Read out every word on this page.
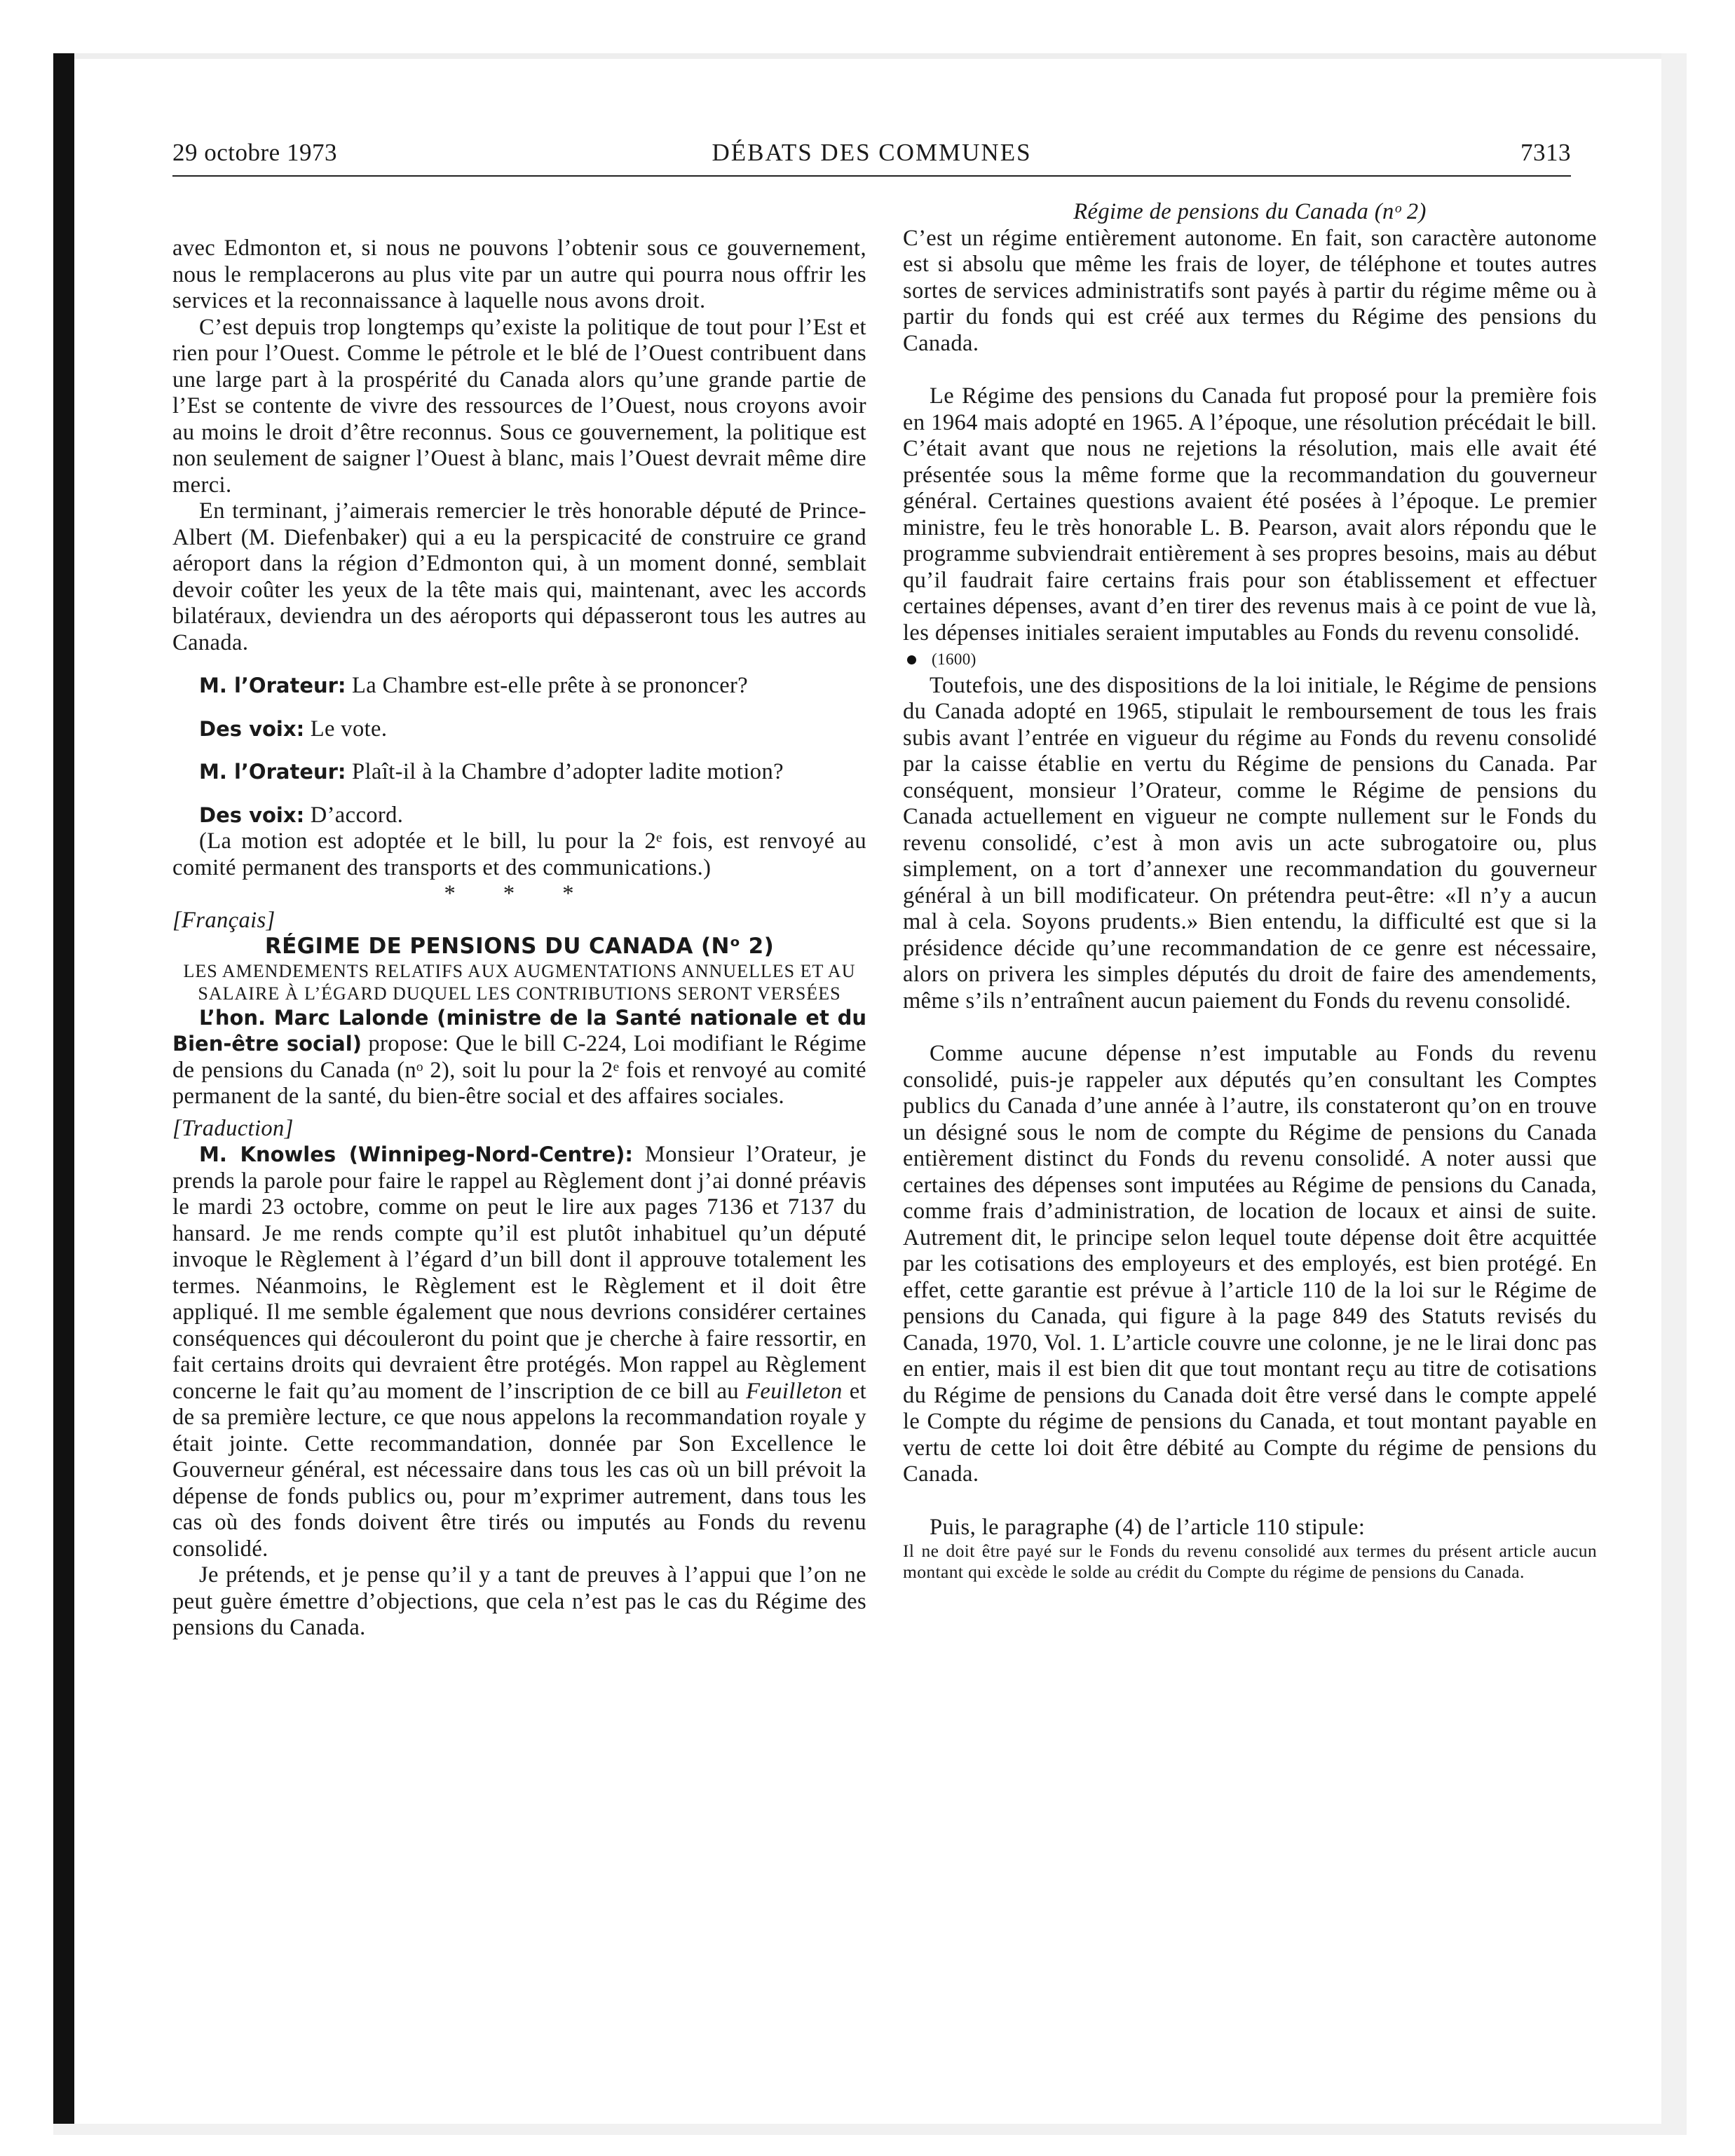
29 octobre 1973	DÉBATS DES COMMUNES	7313

avec Edmonton et, si nous ne pouvons l’obtenir sous ce gouvernement, nous le remplacerons au plus vite par un autre qui pourra nous offrir les services et la reconnaissance à laquelle nous avons droit.

C’est depuis trop longtemps qu’existe la politique de tout pour l’Est et rien pour l’Ouest. Comme le pétrole et le blé de l’Ouest contribuent dans une large part à la prospérité du Canada alors qu’une grande partie de l’Est se contente de vivre des ressources de l’Ouest, nous croyons avoir au moins le droit d’être reconnus. Sous ce gouvernement, la politique est non seulement de saigner l’Ouest à blanc, mais l’Ouest devrait même dire merci.

En terminant, j’aimerais remercier le très honorable député de Prince-Albert (M. Diefenbaker) qui a eu la perspicacité de construire ce grand aéroport dans la région d’Edmonton qui, à un moment donné, semblait devoir coûter les yeux de la tête mais qui, maintenant, avec les accords bilatéraux, deviendra un des aéroports qui dépasseront tous les autres au Canada.

M. l’Orateur: La Chambre est-elle prête à se prononcer?

Des voix: Le vote.

M. l’Orateur: Plaît-il à la Chambre d’adopter ladite motion?

Des voix: D’accord.

(La motion est adoptée et le bill, lu pour la 2ᵉ fois, est renvoyé au comité permanent des transports et des communications.)

* * *

[Français]

RÉGIME DE PENSIONS DU CANADA (Nᵒ 2)

LES AMENDEMENTS RELATIFS AUX AUGMENTATIONS ANNUELLES ET AU SALAIRE À L’ÉGARD DUQUEL LES CONTRIBUTIONS SERONT VERSÉES

L’hon. Marc Lalonde (ministre de la Santé nationale et du Bien-être social) propose: Que le bill C-224, Loi modifiant le Régime de pensions du Canada (nᵒ 2), soit lu pour la 2ᵉ fois et renvoyé au comité permanent de la santé, du bien-être social et des affaires sociales.

[Traduction]

M. Knowles (Winnipeg-Nord-Centre): Monsieur l’Orateur, je prends la parole pour faire le rappel au Règlement dont j’ai donné préavis le mardi 23 octobre, comme on peut le lire aux pages 7136 et 7137 du hansard. Je me rends compte qu’il est plutôt inhabituel qu’un député invoque le Règlement à l’égard d’un bill dont il approuve totalement les termes. Néanmoins, le Règlement est le Règlement et il doit être appliqué. Il me semble également que nous devrions considérer certaines conséquences qui découleront du point que je cherche à faire ressortir, en fait certains droits qui devraient être protégés. Mon rappel au Règlement concerne le fait qu’au moment de l’inscription de ce bill au Feuilleton et de sa première lecture, ce que nous appelons la recommandation royale y était jointe. Cette recommandation, donnée par Son Excellence le Gouverneur général, est nécessaire dans tous les cas où un bill prévoit la dépense de fonds publics ou, pour m’exprimer autrement, dans tous les cas où des fonds doivent être tirés ou imputés au Fonds du revenu consolidé.

Je prétends, et je pense qu’il y a tant de preuves à l’appui que l’on ne peut guère émettre d’objections, que cela n’est pas le cas du Régime des pensions du Canada.

Régime de pensions du Canada (nᵒ 2)

C’est un régime entièrement autonome. En fait, son caractère autonome est si absolu que même les frais de loyer, de téléphone et toutes autres sortes de services administratifs sont payés à partir du régime même ou à partir du fonds qui est créé aux termes du Régime des pensions du Canada.

Le Régime des pensions du Canada fut proposé pour la première fois en 1964 mais adopté en 1965. A l’époque, une résolution précédait le bill. C’était avant que nous ne rejetions la résolution, mais elle avait été présentée sous la même forme que la recommandation du gouverneur général. Certaines questions avaient été posées à l’époque. Le premier ministre, feu le très honorable L. B. Pearson, avait alors répondu que le programme subviendrait entièrement à ses propres besoins, mais au début qu’il faudrait faire certains frais pour son établissement et effectuer certaines dépenses, avant d’en tirer des revenus mais à ce point de vue là, les dépenses initiales seraient imputables au Fonds du revenu consolidé.

(1600)

Toutefois, une des dispositions de la loi initiale, le Régime de pensions du Canada adopté en 1965, stipulait le remboursement de tous les frais subis avant l’entrée en vigueur du régime au Fonds du revenu consolidé par la caisse établie en vertu du Régime de pensions du Canada. Par conséquent, monsieur l’Orateur, comme le Régime de pensions du Canada actuellement en vigueur ne compte nullement sur le Fonds du revenu consolidé, c’est à mon avis un acte subrogatoire ou, plus simplement, on a tort d’annexer une recommandation du gouverneur général à un bill modificateur. On prétendra peut-être: «Il n’y a aucun mal à cela. Soyons prudents.» Bien entendu, la difficulté est que si la présidence décide qu’une recommandation de ce genre est nécessaire, alors on privera les simples députés du droit de faire des amendements, même s’ils n’entraînent aucun paiement du Fonds du revenu consolidé.

Comme aucune dépense n’est imputable au Fonds du revenu consolidé, puis-je rappeler aux députés qu’en consultant les Comptes publics du Canada d’une année à l’autre, ils constateront qu’on en trouve un désigné sous le nom de compte du Régime de pensions du Canada entièrement distinct du Fonds du revenu consolidé. A noter aussi que certaines des dépenses sont imputées au Régime de pensions du Canada, comme frais d’administration, de location de locaux et ainsi de suite. Autrement dit, le principe selon lequel toute dépense doit être acquittée par les cotisations des employeurs et des employés, est bien protégé. En effet, cette garantie est prévue à l’article 110 de la loi sur le Régime de pensions du Canada, qui figure à la page 849 des Statuts revisés du Canada, 1970, Vol. 1. L’article couvre une colonne, je ne le lirai donc pas en entier, mais il est bien dit que tout montant reçu au titre de cotisations du Régime de pensions du Canada doit être versé dans le compte appelé le Compte du régime de pensions du Canada, et tout montant payable en vertu de cette loi doit être débité au Compte du régime de pensions du Canada.

Puis, le paragraphe (4) de l’article 110 stipule:

Il ne doit être payé sur le Fonds du revenu consolidé aux termes du présent article aucun montant qui excède le solde au crédit du Compte du régime de pensions du Canada.
